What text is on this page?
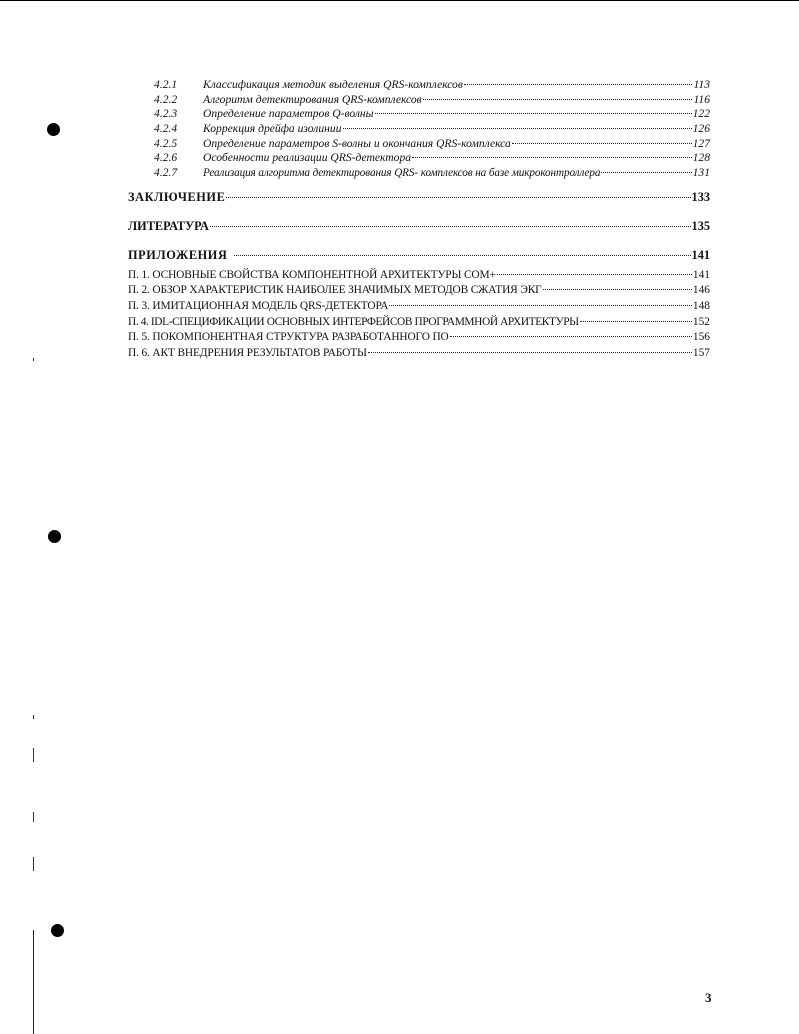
4.2.1	Классификация методик выделения QRS-комплексов	113
4.2.2	Алгоритм детектирования QRS-комплексов	116
4.2.3	Определение параметров Q-волны	122
4.2.4	Коррекция дрейфа изолинии	126
4.2.5	Определение параметров S-волны и окончания QRS-комплекса	127
4.2.6	Особенности реализации QRS-детектора	128
4.2.7	Реализация алгоритма детектирования QRS- комплексов на базе микроконтроллера	131
ЗАКЛЮЧЕНИЕ	133
ЛИТЕРАТУРА	135
ПРИЛОЖЕНИЯ	141
П. 1. ОСНОВНЫЕ СВОЙСТВА КОМПОНЕНТНОЙ АРХИТЕКТУРЫ COM+	141
П. 2. ОБЗОР ХАРАКТЕРИСТИК НАИБОЛЕЕ ЗНАЧИМЫХ МЕТОДОВ СЖАТИЯ ЭКГ	146
П. 3. ИМИТАЦИОННАЯ МОДЕЛЬ QRS-ДЕТЕКТОРА	148
П. 4. IDL-СПЕЦИФИКАЦИИ ОСНОВНЫХ ИНТЕРФЕЙСОВ ПРОГРАММНОЙ АРХИТЕКТУРЫ	152
П. 5. ПОКОМПОНЕНТНАЯ СТРУКТУРА РАЗРАБОТАННОГО ПО	156
П. 6. АКТ ВНЕДРЕНИЯ РЕЗУЛЬТАТОВ РАБОТЫ	157
3
